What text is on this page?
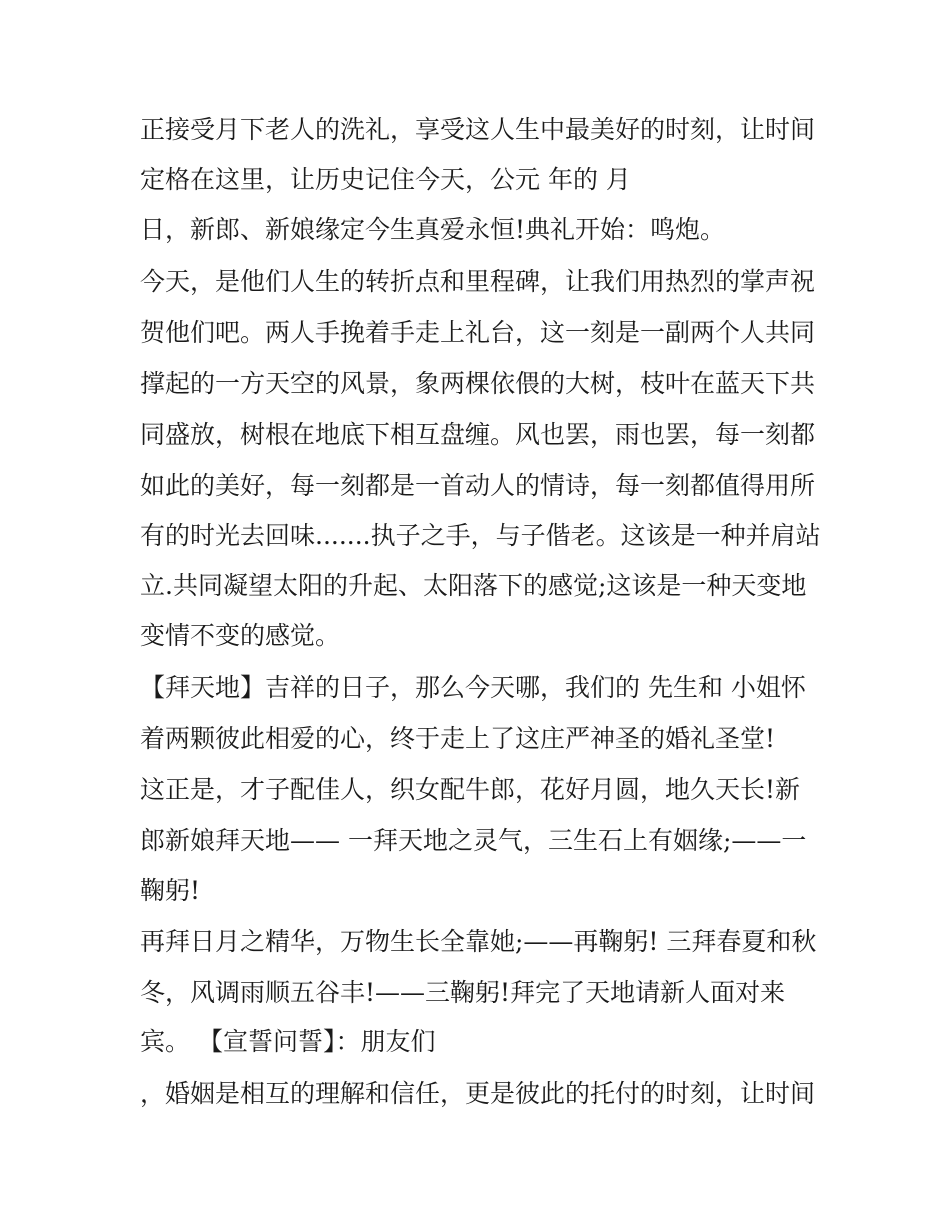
正接受月下老人的洗礼，享受这人生中最美好的时刻，让时间
定格在这里，让历史记住今天，公元 年的 月
日，新郎、新娘缘定今生真爱永恒!典礼开始：鸣炮。
今天，是他们人生的转折点和里程碑，让我们用热烈的掌声祝
贺他们吧。两人手挽着手走上礼台，这一刻是一副两个人共同
撑起的一方天空的风景，象两棵依偎的大树，枝叶在蓝天下共
同盛放，树根在地底下相互盘缠。风也罢，雨也罢，每一刻都
如此的美好，每一刻都是一首动人的情诗，每一刻都值得用所
有的时光去回味.......执子之手，与子偕老。这该是一种并肩站
立.共同凝望太阳的升起、太阳落下的感觉;这该是一种天变地
变情不变的感觉。
【拜天地】吉祥的日子，那么今天哪，我们的 先生和 小姐怀
着两颗彼此相爱的心，终于走上了这庄严神圣的婚礼圣堂!
这正是，才子配佳人，织女配牛郎，花好月圆，地久天长!新
郎新娘拜天地—— 一拜天地之灵气，三生石上有姻缘;——一
鞠躬!
再拜日月之精华，万物生长全靠她;——再鞠躬! 三拜春夏和秋
冬，风调雨顺五谷丰!——三鞠躬!拜完了天地请新人面对来
宾。 【宣誓问誓】：朋友们
，婚姻是相互的理解和信任，更是彼此的托付的时刻，让时间
